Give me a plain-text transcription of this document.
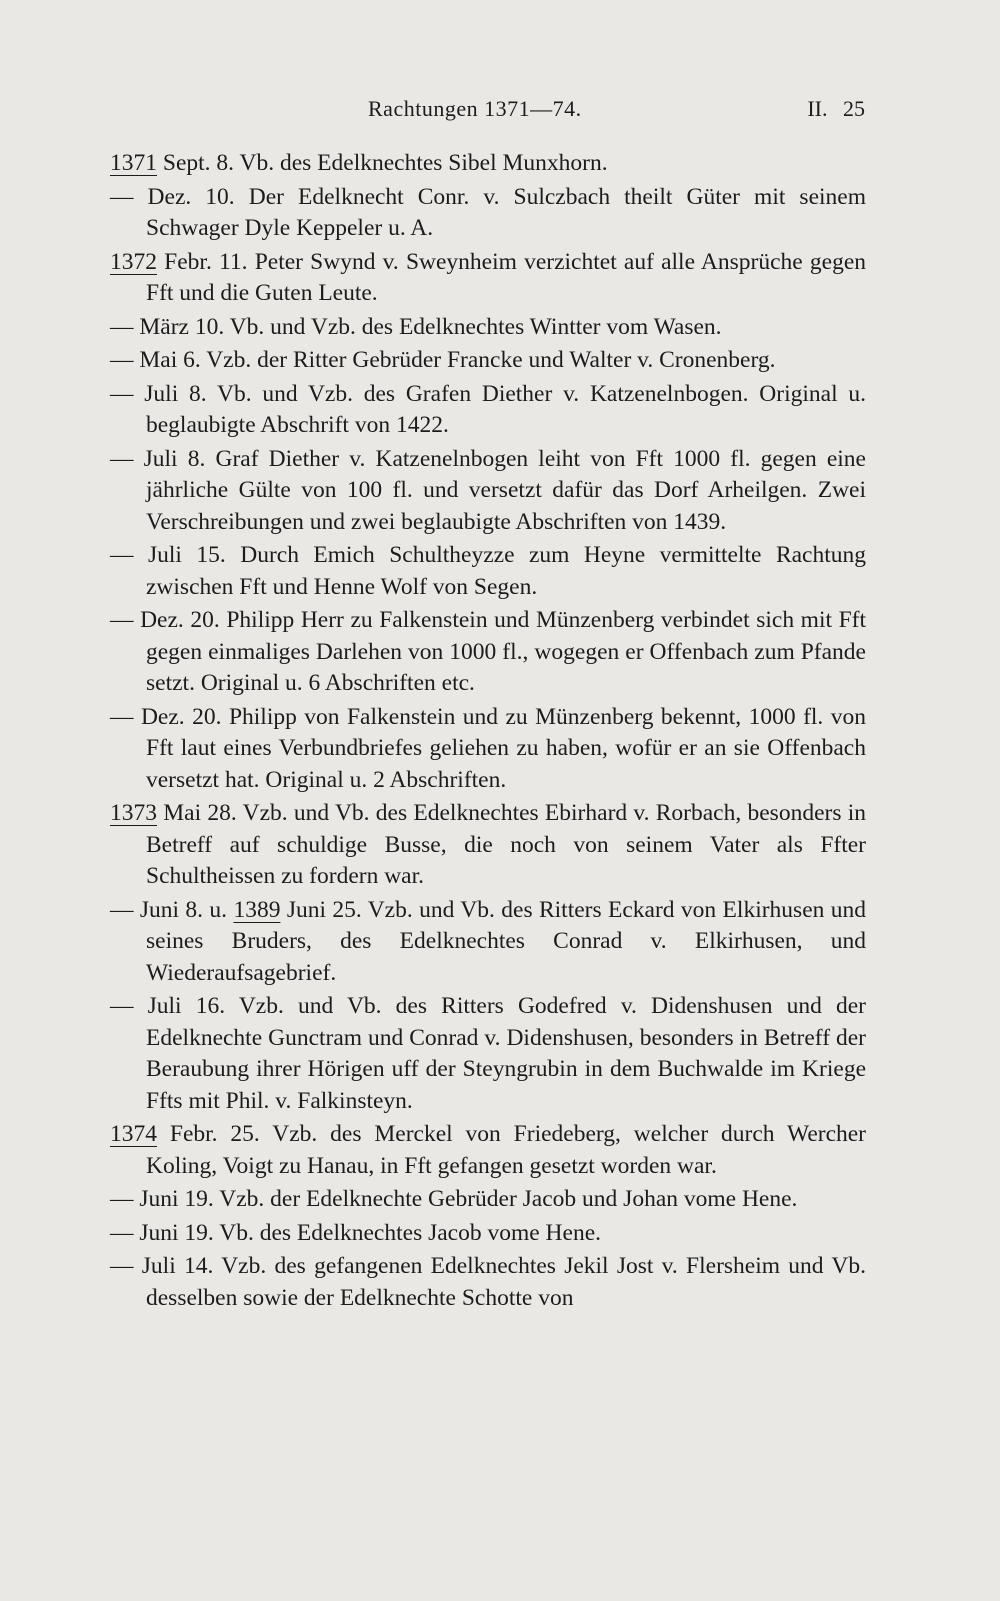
Rachtungen 1371—74.	II. 25

1371 Sept. 8. Vb. des Edelknechtes Sibel Munxhorn.

— Dez. 10. Der Edelknecht Conr. v. Sulczbach theilt Güter mit seinem Schwager Dyle Keppeler u. A.

1372 Febr. 11. Peter Swynd v. Sweynheim verzichtet auf alle Ansprüche gegen Fft und die Guten Leute.

— März 10. Vb. und Vzb. des Edelknechtes Wintter vom Wasen.

— Mai 6. Vzb. der Ritter Gebrüder Francke und Walter v. Cronenberg.

— Juli 8. Vb. und Vzb. des Grafen Diether v. Katzenelnbogen. Original u. beglaubigte Abschrift von 1422.

— Juli 8. Graf Diether v. Katzenelnbogen leiht von Fft 1000 fl. gegen eine jährliche Gülte von 100 fl. und versetzt dafür das Dorf Arheilgen. Zwei Verschreibungen und zwei beglaubigte Abschriften von 1439.

— Juli 15. Durch Emich Schultheyzze zum Heyne vermittelte Rachtung zwischen Fft und Henne Wolf von Segen.

— Dez. 20. Philipp Herr zu Falkenstein und Münzenberg verbindet sich mit Fft gegen einmaliges Darlehen von 1000 fl., wogegen er Offenbach zum Pfande setzt. Original u. 6 Abschriften etc.

— Dez. 20. Philipp von Falkenstein und zu Münzenberg bekennt, 1000 fl. von Fft laut eines Verbundbriefes geliehen zu haben, wofür er an sie Offenbach versetzt hat. Original u. 2 Abschriften.

1373 Mai 28. Vzb. und Vb. des Edelknechtes Ebirhard v. Rorbach, besonders in Betreff auf schuldige Busse, die noch von seinem Vater als Ffter Schultheissen zu fordern war.

— Juni 8. u. 1389 Juni 25. Vzb. und Vb. des Ritters Eckard von Elkirhusen und seines Bruders, des Edelknechtes Conrad v. Elkirhusen, und Wiederaufsagebrief.

— Juli 16. Vzb. und Vb. des Ritters Godefred v. Didenshusen und der Edelknechte Gunctram und Conrad v. Didenshusen, besonders in Betreff der Beraubung ihrer Hörigen uff der Steyngrubin in dem Buchwalde im Kriege Ffts mit Phil. v. Falkinsteyn.

1374 Febr. 25. Vzb. des Merckel von Friedeberg, welcher durch Wercher Koling, Voigt zu Hanau, in Fft gefangen gesetzt worden war.

— Juni 19. Vzb. der Edelknechte Gebrüder Jacob und Johan vome Hene.

— Juni 19. Vb. des Edelknechtes Jacob vome Hene.

— Juli 14. Vzb. des gefangenen Edelknechtes Jekil Jost v. Flersheim und Vb. desselben sowie der Edelknechte Schotte von
